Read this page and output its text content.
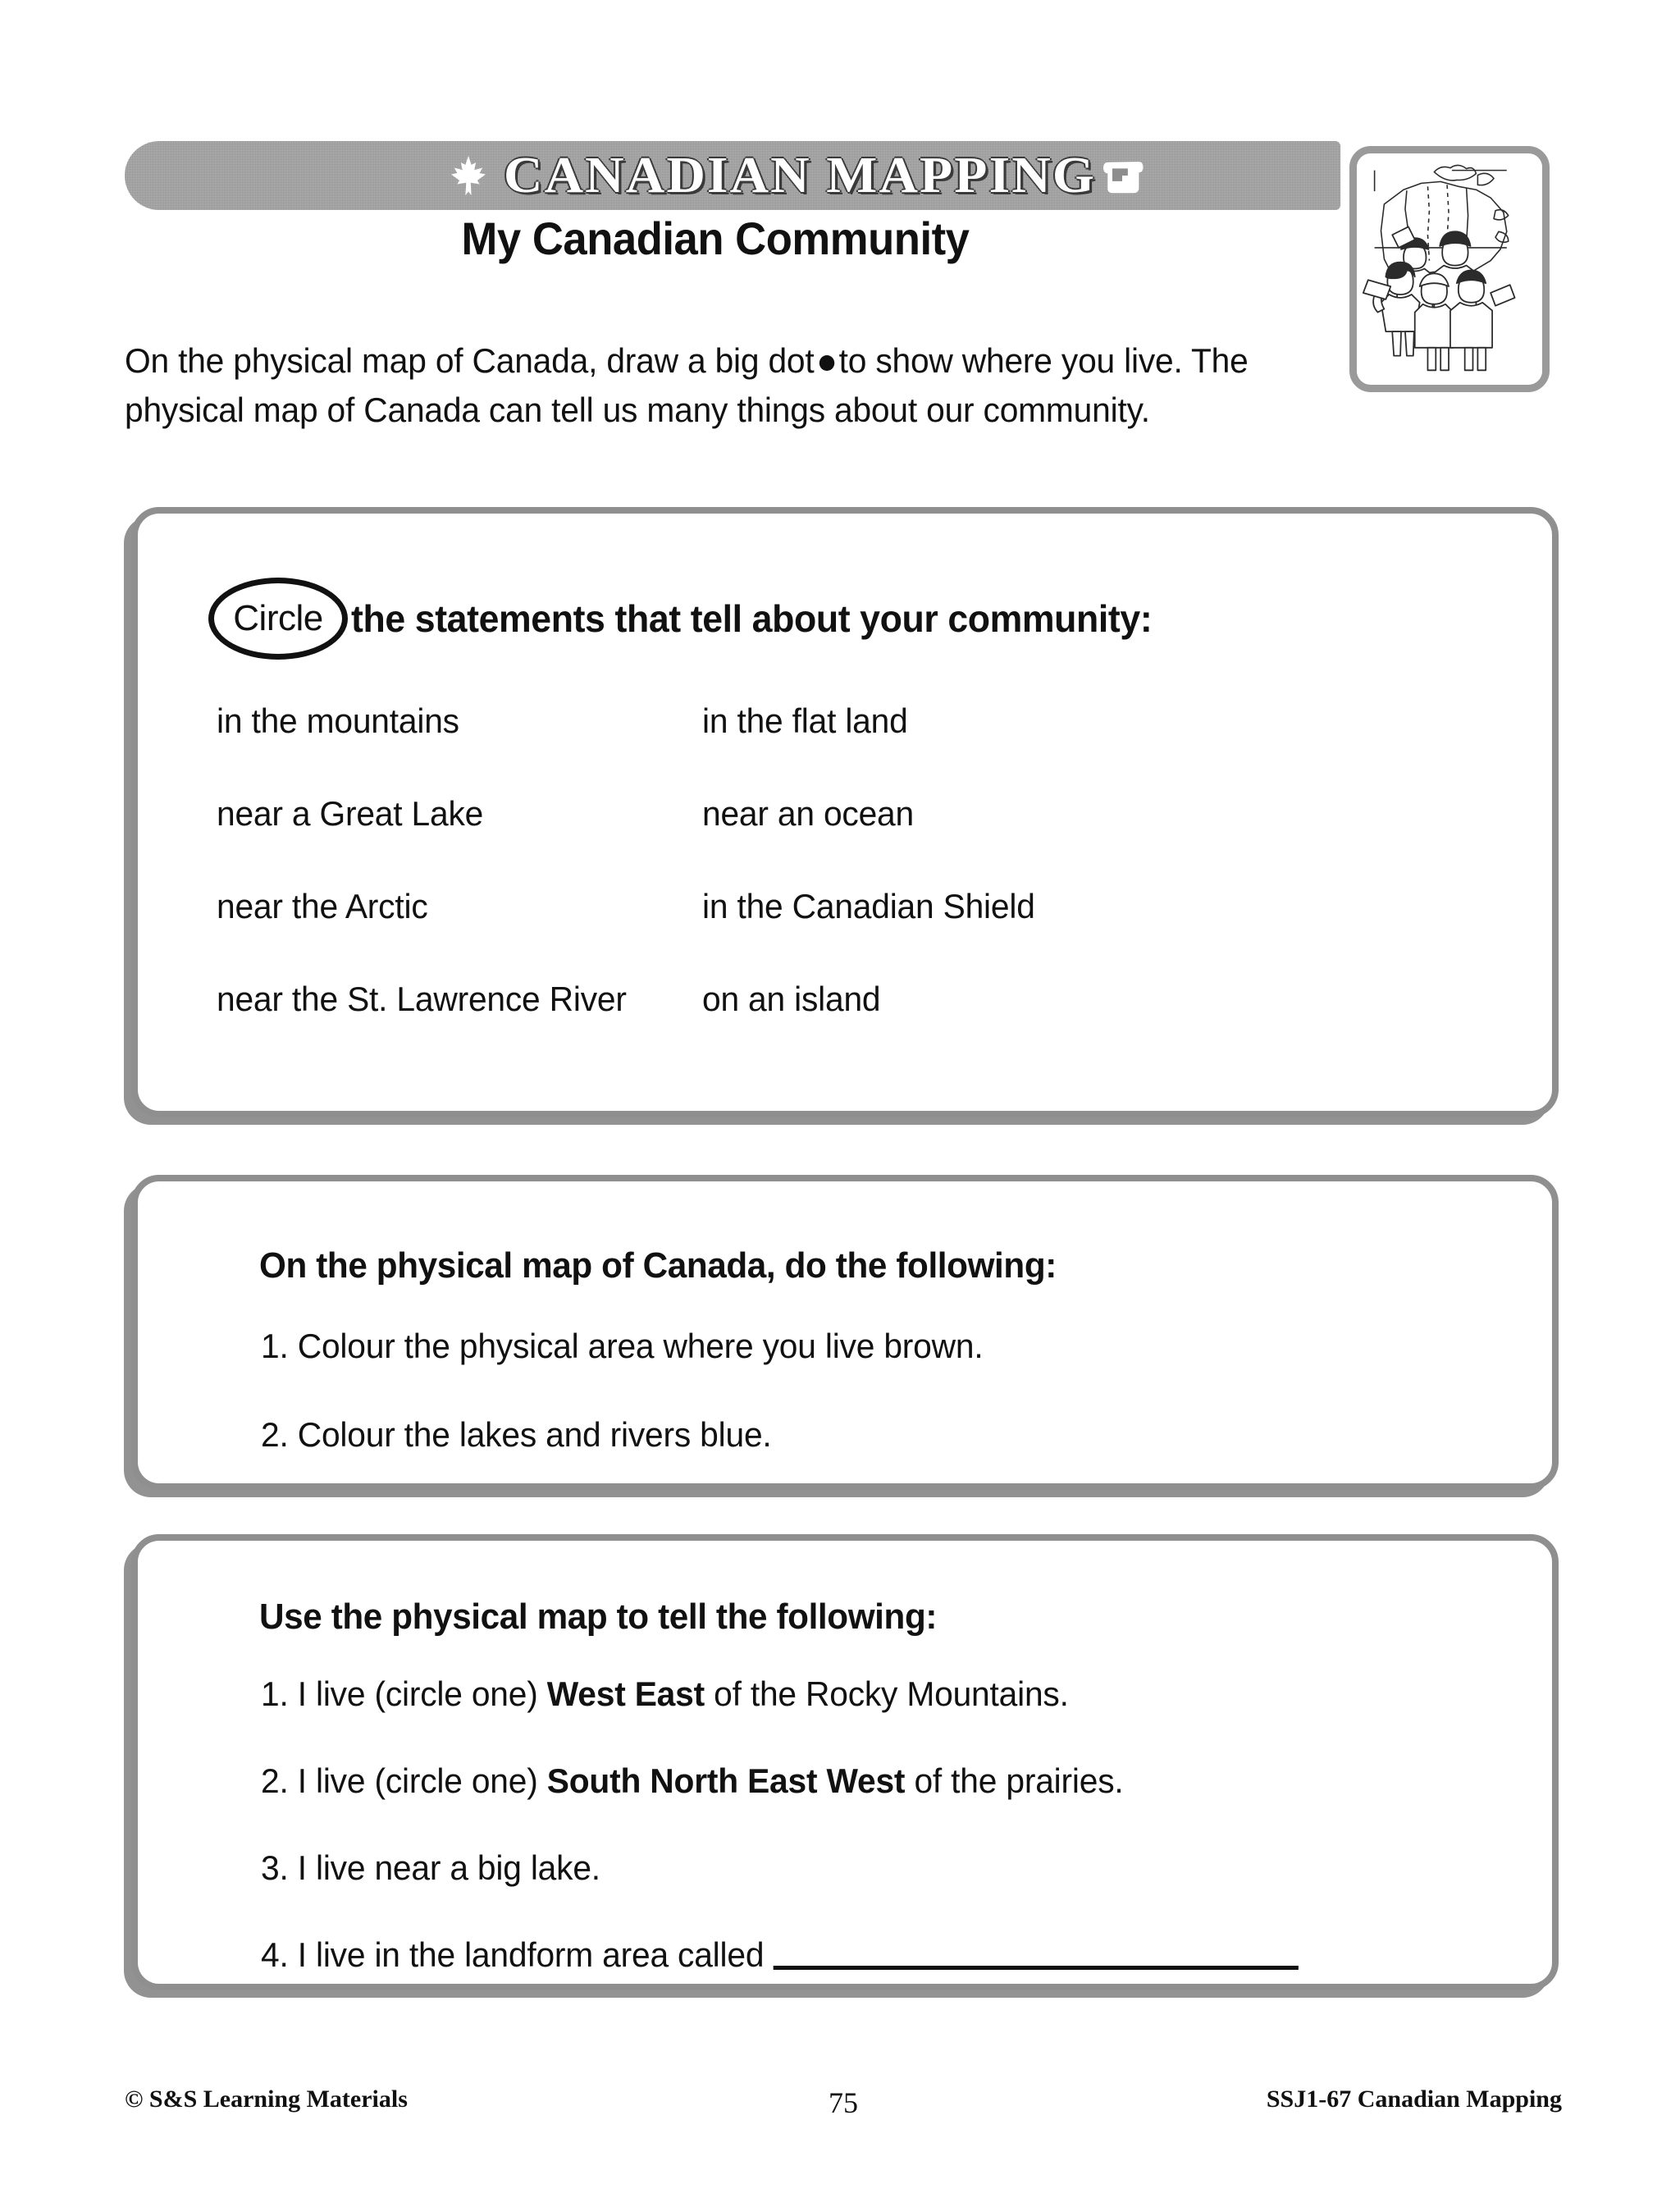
CANADIAN MAPPING
My Canadian Community

On the physical map of Canada, draw a big dot to show where you live. The physical map of Canada can tell us many things about our community.

Circle the statements that tell about your community:
in the mountains	in the flat land
near a Great Lake	near an ocean
near the Arctic	in the Canadian Shield
near the St. Lawrence River	on an island
On the physical map of Canada, do the following:
1. Colour the physical area where you live brown.
2. Colour the lakes and rivers blue.
Use the physical map to tell the following:
1. I live (circle one) West East of the Rocky Mountains.
2. I live (circle one) South North East West of the prairies.
3. I live near a big lake.
4. I live in the landform area called
© S&S Learning Materials	75	SSJ1-67 Canadian Mapping
